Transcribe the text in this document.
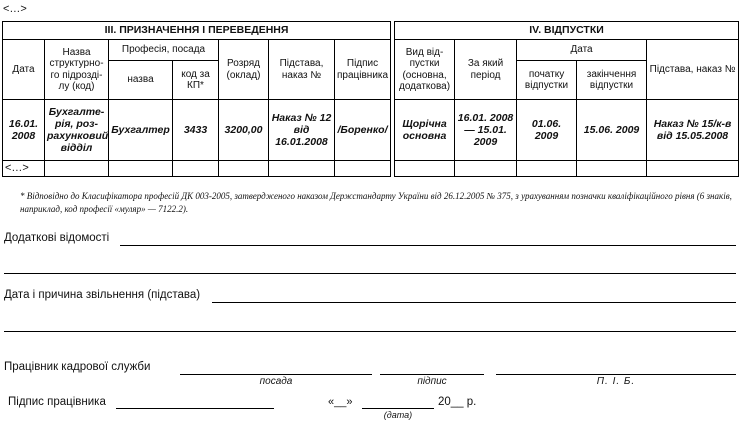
<…>
ІІІ. ПРИЗНАЧЕННЯ І ПЕРЕВЕДЕННЯ								IV. ВІДПУСТКИ				
Дата	Назва структурно-го підрозді-лу (код)	Професія, посада		Розряд (оклад)	Підстава, наказ №	Підпис працівника		Вид від-пустки (основна, додаткова)	За який період	Дата		Підстава, наказ №
		назва	код за КП*							початку відпустки	закінчення відпустки	
16.01. 2008	Бухгалте-рія, роз-рахунковий відділ	Бухгалтер	3433	3200,00	Наказ № 12 від 16.01.2008	/Боренко/		Щорічна основна	16.01. 2008 — 15.01. 2009	01.06. 2009	15.06. 2009	Наказ № 15/к-в від 15.05.2008
<…>												
* Відповідно до Класифікатора професій ДК 003-2005, затвердженого наказом Держстандарту України від 26.12.2005 № 375, з урахуванням позначки кваліфікаційного рівня (6 знаків, наприклад, код професії «муляр» — 7122.2).
Додаткові відомості
Дата і причина звільнення (підстава)
Працівник кадрової служби
посада	підпис	П. І. Б.
Підпис працівника	«__»	20__ р.
(дата)
